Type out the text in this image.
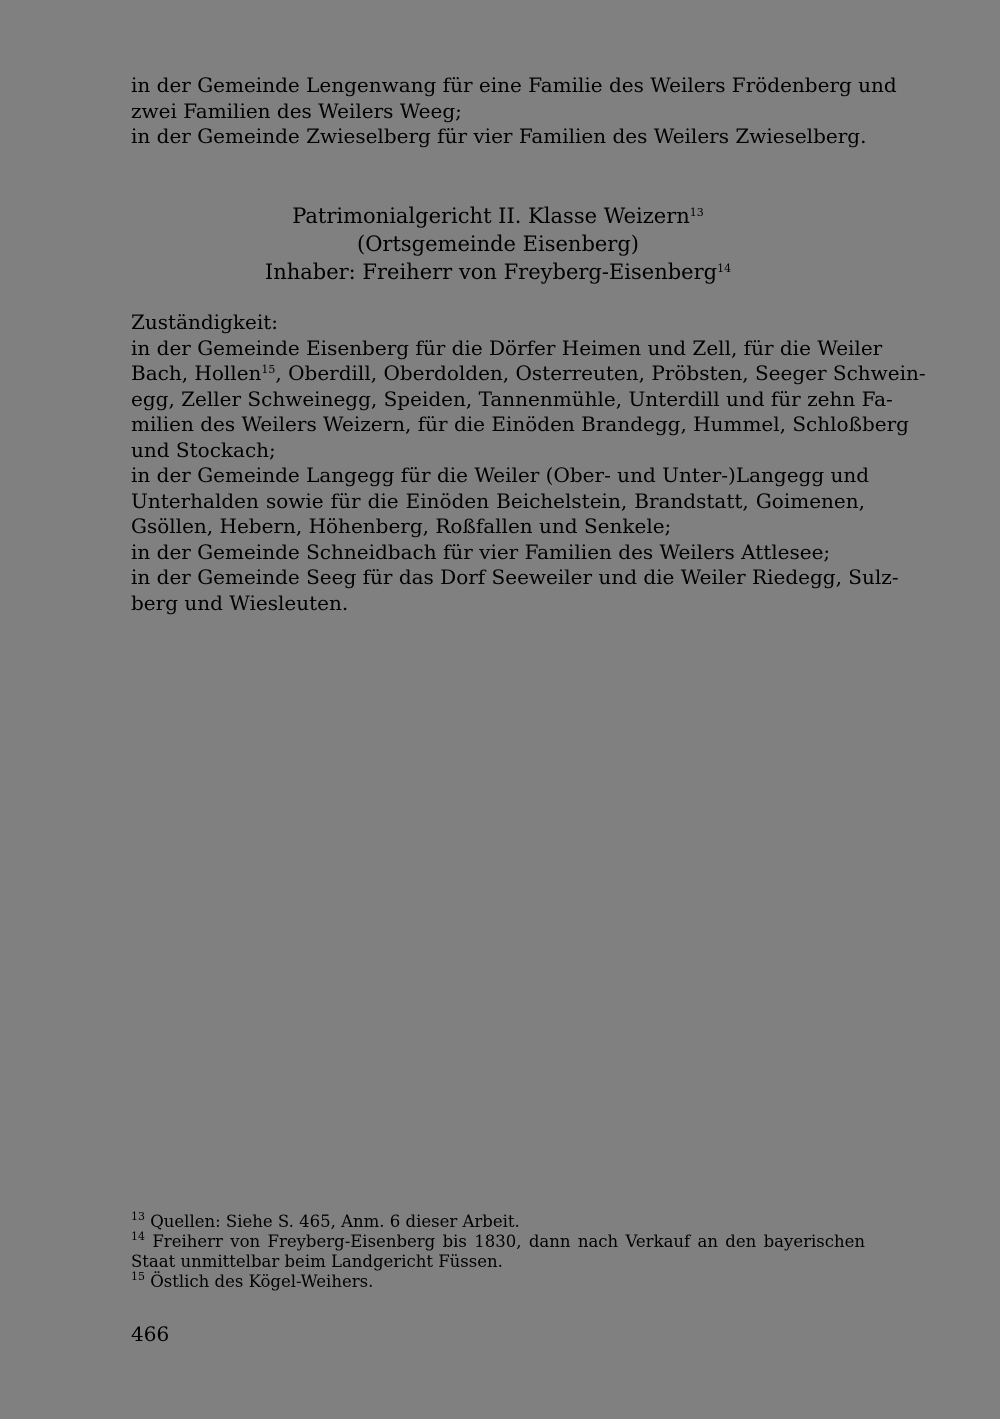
in der Gemeinde Lengenwang für eine Familie des Weilers Frödenberg und
zwei Familien des Weilers Weeg;
in der Gemeinde Zwieselberg für vier Familien des Weilers Zwieselberg.
Patrimonialgericht II. Klasse Weizern$^{13}$
(Ortsgemeinde Eisenberg)
Inhaber: Freiherr von Freyberg-Eisenberg$^{14}$
Zuständigkeit:
in der Gemeinde Eisenberg für die Dörfer Heimen und Zell, für die Weiler
Bach, Hollen$^{15}$, Oberdill, Oberdolden, Osterreuten, Pröbsten, Seeger Schwein-
egg, Zeller Schweinegg, Speiden, Tannenmühle, Unterdill und für zehn Fa-
milien des Weilers Weizern, für die Einöden Brandegg, Hummel, Schloßberg
und Stockach;
in der Gemeinde Langegg für die Weiler (Ober- und Unter-)Langegg und
Unterhalden sowie für die Einöden Beichelstein, Brandstatt, Goimenen,
Gsöllen, Hebern, Höhenberg, Roßfallen und Senkele;
in der Gemeinde Schneidbach für vier Familien des Weilers Attlesee;
in der Gemeinde Seeg für das Dorf Seeweiler und die Weiler Riedegg, Sulz-
berg und Wiesleuten.
$^{13}$ Quellen: Siehe S. 465, Anm. 6 dieser Arbeit.
$^{14}$ Freiherr von Freyberg-Eisenberg bis 1830, dann nach Verkauf an den bayerischen
Staat unmittelbar beim Landgericht Füssen.
$^{15}$ Östlich des Kögel-Weihers.
466
